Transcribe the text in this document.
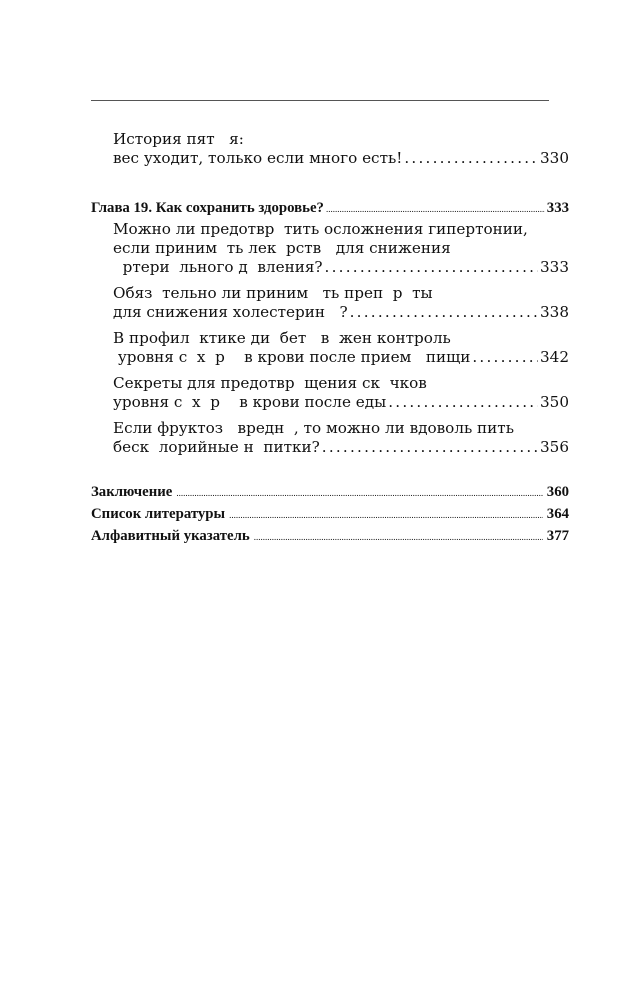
История пят   я:
вес уходит, только если много есть! . . .	330
Глава 19. Как сохранить здоровье? .....	333
Можно ли предотвр  тить осложнения гипертонии,
если приним  ть лек  рств   для снижения
ртери  льного д  вления? . . .	333
Обяз  тельно ли приним   ть преп  р  ты
для снижения холестерин   ? . . .	338
В профил  ктике ди  бет   в  жен контроль
уровня с  х  р    в крови после прием   пищи . . .	342
Секреты для предотвр  щения ск  чков
уровня с  х  р    в крови после еды . . .	350
Если фруктоз   вредн  , то можно ли вдоволь пить
беск  лорийные н  питки? . . .	356
Заключение .....	360
Список литературы .....	364
Алфавитный указатель .....	377
